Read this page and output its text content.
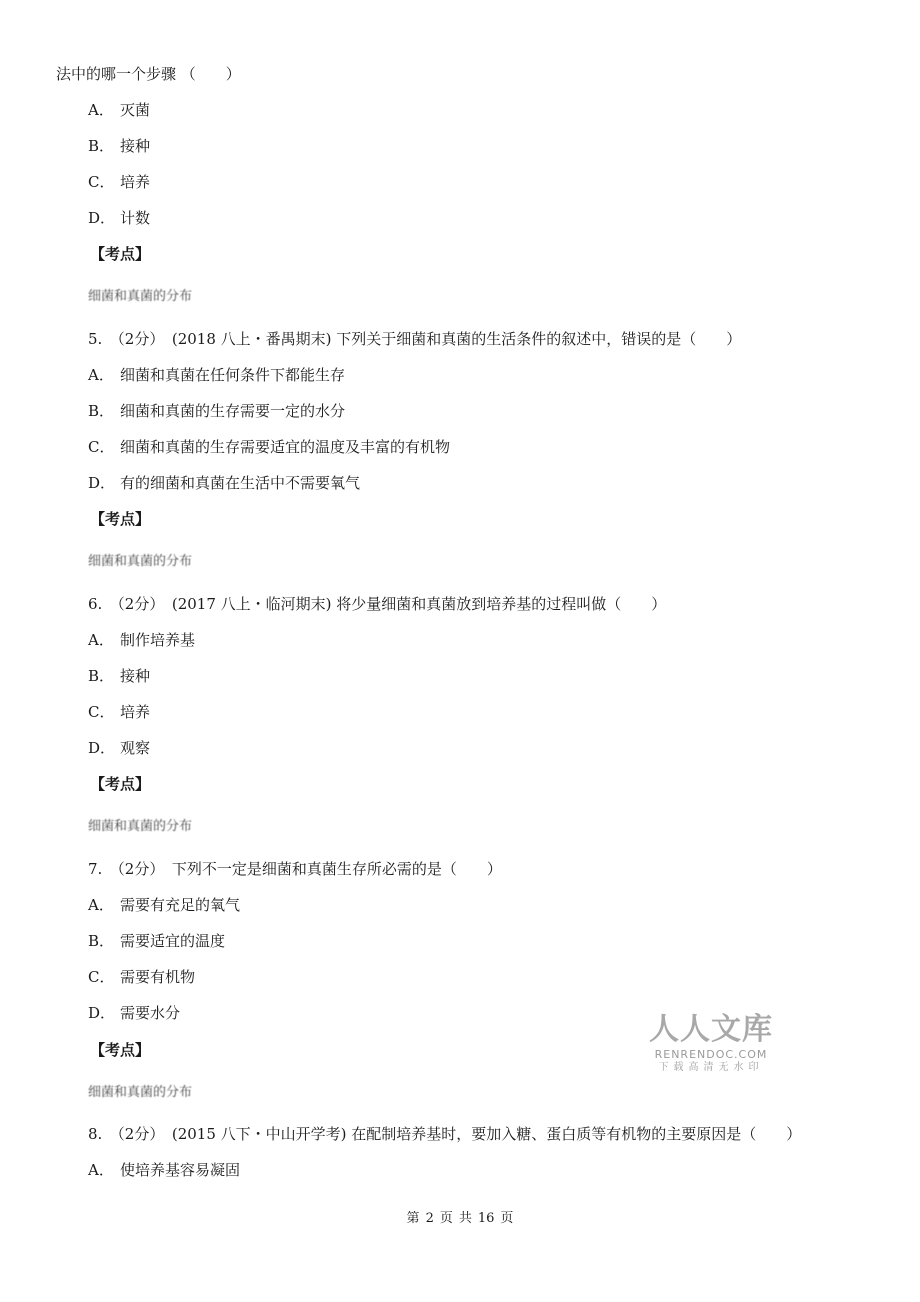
法中的哪一个步骤 （　　）
A． 灭菌
B． 接种
C． 培养
D． 计数
【考点】
细菌和真菌的分布
5.　（2分）　(2018 八上・番禺期末) 下列关于细菌和真菌的生活条件的叙述中，错误的是（　　）
A． 细菌和真菌在任何条件下都能生存
B． 细菌和真菌的生存需要一定的水分
C． 细菌和真菌的生存需要适宜的温度及丰富的有机物
D． 有的细菌和真菌在生活中不需要氧气
【考点】
细菌和真菌的分布
6.　（2分）　(2017 八上・临河期末) 将少量细菌和真菌放到培养基的过程叫做（　　）
A． 制作培养基
B． 接种
C． 培养
D． 观察
【考点】
细菌和真菌的分布
7.　（2分）　下列不一定是细菌和真菌生存所必需的是（　　）
A． 需要有充足的氧气
B． 需要适宜的温度
C． 需要有机物
D． 需要水分
【考点】
细菌和真菌的分布
8.　（2分）　(2015 八下・中山开学考) 在配制培养基时，要加入糖、蛋白质等有机物的主要原因是（　　）
A． 使培养基容易凝固
人人文库
RENRENDOC.COM
下载高清无水印
第 2 页 共 16 页
